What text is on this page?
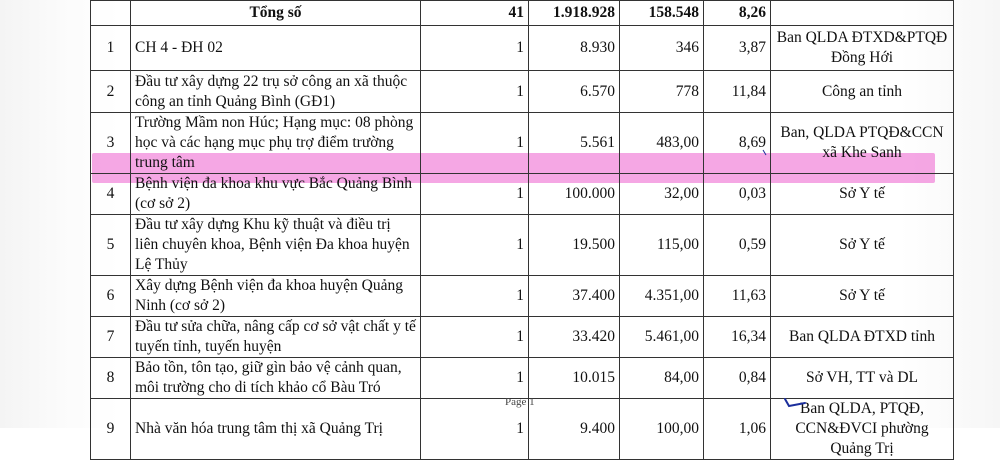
	Tổng số	41	1.918.928	158.548	8,26	
1	CH 4 - ĐH 02	1	8.930	346	3,87	Ban QLDA ĐTXD&PTQĐ Đồng Hới
2	Đầu tư xây dựng 22 trụ sở công an xã thuộc công an tỉnh Quảng Bình (GĐ1)	1	6.570	778	11,84	Công an tỉnh
3	Trường Mầm non Húc; Hạng mục: 08 phòng học và các hạng mục phụ trợ điểm trường trung tâm	1	5.561	483,00	8,69	Ban, QLDA PTQĐ&CCN xã Khe Sanh
4	Bệnh viện đa khoa khu vực Bắc Quảng Bình (cơ sở 2)	1	100.000	32,00	0,03	Sở Y tế
5	Đầu tư xây dựng Khu kỹ thuật và điều trị liên chuyên khoa, Bệnh viện Đa khoa huyện Lệ Thủy	1	19.500	115,00	0,59	Sở Y tế
6	Xây dựng Bệnh viện đa khoa huyện Quảng Ninh (cơ sở 2)	1	37.400	4.351,00	11,63	Sở Y tế
7	Đầu tư sửa chữa, nâng cấp cơ sở vật chất y tế tuyến tỉnh, tuyến huyện	1	33.420	5.461,00	16,34	Ban QLDA ĐTXD tỉnh
8	Bảo tồn, tôn tạo, giữ gìn bảo vệ cảnh quan, môi trường cho di tích khảo cổ Bàu Tró	1	10.015	84,00	0,84	Sở VH, TT và DL
9	Nhà văn hóa trung tâm thị xã Quảng Trị	1	9.400	100,00	1,06	Ban QLDA, PTQĐ, CCN&ĐVCI phường Quảng Trị
Page 1
